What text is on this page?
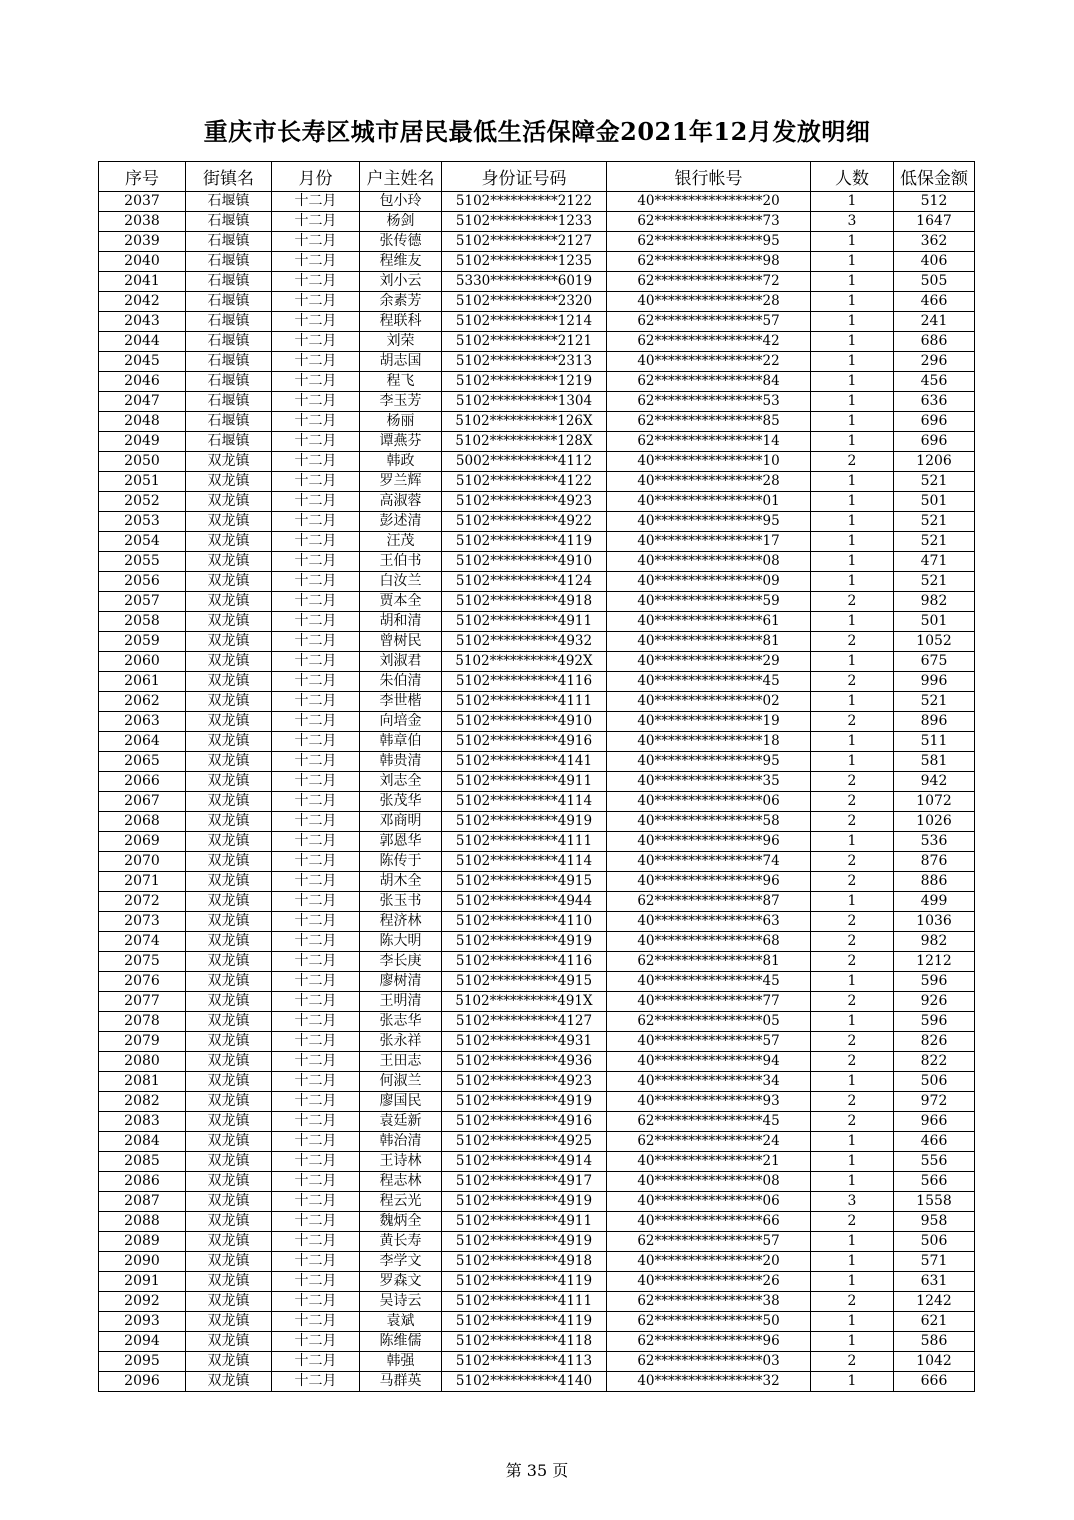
重庆市长寿区城市居民最低生活保障金2021年12月发放明细
序号	街镇名	月份	户主姓名	身份证号码	银行帐号	人数	低保金额
2037	石堰镇	十二月	包小玲	5102**********2122	40****************20	1	512
2038	石堰镇	十二月	杨剑	5102**********1233	62****************73	3	1647
2039	石堰镇	十二月	张传德	5102**********2127	62****************95	1	362
2040	石堰镇	十二月	程维友	5102**********1235	62****************98	1	406
2041	石堰镇	十二月	刘小云	5330**********6019	62****************72	1	505
2042	石堰镇	十二月	余素芳	5102**********2320	40****************28	1	466
2043	石堰镇	十二月	程联科	5102**********1214	62****************57	1	241
2044	石堰镇	十二月	刘荣	5102**********2121	62****************42	1	686
2045	石堰镇	十二月	胡志国	5102**********2313	40****************22	1	296
2046	石堰镇	十二月	程飞	5102**********1219	62****************84	1	456
2047	石堰镇	十二月	李玉芳	5102**********1304	62****************53	1	636
2048	石堰镇	十二月	杨丽	5102**********126X	62****************85	1	696
2049	石堰镇	十二月	谭燕芬	5102**********128X	62****************14	1	696
2050	双龙镇	十二月	韩政	5002**********4112	40****************10	2	1206
2051	双龙镇	十二月	罗兰辉	5102**********4122	40****************28	1	521
2052	双龙镇	十二月	高淑蓉	5102**********4923	40****************01	1	501
2053	双龙镇	十二月	彭述清	5102**********4922	40****************95	1	521
2054	双龙镇	十二月	汪茂	5102**********4119	40****************17	1	521
2055	双龙镇	十二月	王伯书	5102**********4910	40****************08	1	471
2056	双龙镇	十二月	白汝兰	5102**********4124	40****************09	1	521
2057	双龙镇	十二月	贾本全	5102**********4918	40****************59	2	982
2058	双龙镇	十二月	胡和清	5102**********4911	40****************61	1	501
2059	双龙镇	十二月	曾树民	5102**********4932	40****************81	2	1052
2060	双龙镇	十二月	刘淑君	5102**********492X	40****************29	1	675
2061	双龙镇	十二月	朱伯清	5102**********4116	40****************45	2	996
2062	双龙镇	十二月	李世楷	5102**********4111	40****************02	1	521
2063	双龙镇	十二月	向培金	5102**********4910	40****************19	2	896
2064	双龙镇	十二月	韩章伯	5102**********4916	40****************18	1	511
2065	双龙镇	十二月	韩贵清	5102**********4141	40****************95	1	581
2066	双龙镇	十二月	刘志全	5102**********4911	40****************35	2	942
2067	双龙镇	十二月	张茂华	5102**********4114	40****************06	2	1072
2068	双龙镇	十二月	邓商明	5102**********4919	40****************58	2	1026
2069	双龙镇	十二月	郭恩华	5102**********4111	40****************96	1	536
2070	双龙镇	十二月	陈传于	5102**********4114	40****************74	2	876
2071	双龙镇	十二月	胡木全	5102**********4915	40****************96	2	886
2072	双龙镇	十二月	张玉书	5102**********4944	62****************87	1	499
2073	双龙镇	十二月	程济林	5102**********4110	40****************63	2	1036
2074	双龙镇	十二月	陈大明	5102**********4919	40****************68	2	982
2075	双龙镇	十二月	李长庚	5102**********4116	62****************81	2	1212
2076	双龙镇	十二月	廖树清	5102**********4915	40****************45	1	596
2077	双龙镇	十二月	王明清	5102**********491X	40****************77	2	926
2078	双龙镇	十二月	张志华	5102**********4127	62****************05	1	596
2079	双龙镇	十二月	张永祥	5102**********4931	40****************57	2	826
2080	双龙镇	十二月	王田志	5102**********4936	40****************94	2	822
2081	双龙镇	十二月	何淑兰	5102**********4923	40****************34	1	506
2082	双龙镇	十二月	廖国民	5102**********4919	40****************93	2	972
2083	双龙镇	十二月	袁廷新	5102**********4916	62****************45	2	966
2084	双龙镇	十二月	韩治清	5102**********4925	62****************24	1	466
2085	双龙镇	十二月	王诗林	5102**********4914	40****************21	1	556
2086	双龙镇	十二月	程志林	5102**********4917	40****************08	1	566
2087	双龙镇	十二月	程云光	5102**********4919	40****************06	3	1558
2088	双龙镇	十二月	魏炳全	5102**********4911	40****************66	2	958
2089	双龙镇	十二月	黄长寿	5102**********4919	62****************57	1	506
2090	双龙镇	十二月	李学文	5102**********4918	40****************20	1	571
2091	双龙镇	十二月	罗森文	5102**********4119	40****************26	1	631
2092	双龙镇	十二月	吴诗云	5102**********4111	62****************38	2	1242
2093	双龙镇	十二月	袁斌	5102**********4119	62****************50	1	621
2094	双龙镇	十二月	陈维儒	5102**********4118	62****************96	1	586
2095	双龙镇	十二月	韩强	5102**********4113	62****************03	2	1042
2096	双龙镇	十二月	马群英	5102**********4140	40****************32	1	666
第 35 页
